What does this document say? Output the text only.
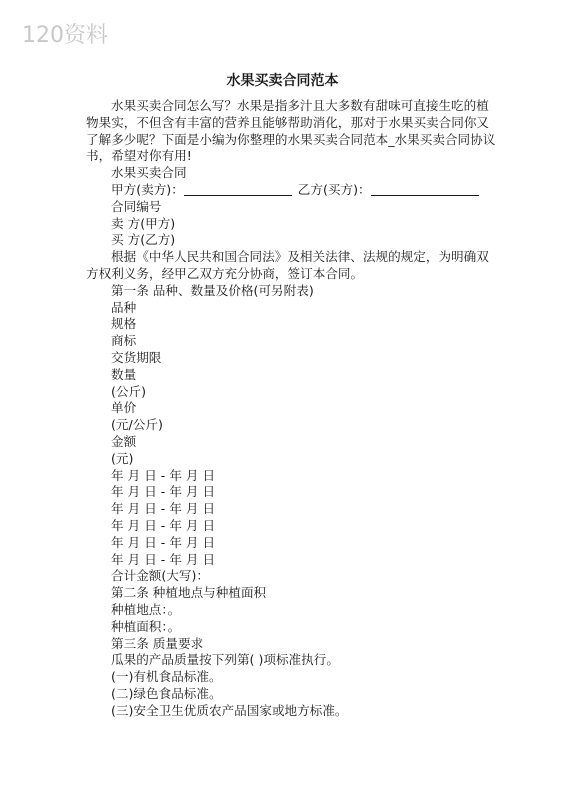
120资料
水果买卖合同范本

水果买卖合同怎么写？水果是指多汁且大多数有甜味可直接生吃的植物果实，不但含有丰富的营养且能够帮助消化，那对于水果买卖合同你又了解多少呢？下面是小编为你整理的水果买卖合同范本_水果买卖合同协议书，希望对你有用!

水果买卖合同
甲方(卖方)：	乙方(买方)：
合同编号
卖 方(甲方)
买 方(乙方)
根据《中华人民共和国合同法》及相关法律、法规的规定，为明确双方权利义务，经甲乙双方充分协商，签订本合同。
第一条 品种、数量及价格(可另附表)
品种
规格
商标
交货期限
数量
(公斤)
单价
(元/公斤)
金额
(元)
年 月 日 - 年 月 日
年 月 日 - 年 月 日
年 月 日 - 年 月 日
年 月 日 - 年 月 日
年 月 日 - 年 月 日
年 月 日 - 年 月 日
合计金额(大写)：
第二条 种植地点与种植面积
种植地点：。
种植面积：。
第三条 质量要求
瓜果的产品质量按下列第( )项标准执行。
(一)有机食品标准。
(二)绿色食品标准。
(三)安全卫生优质农产品国家或地方标准。
